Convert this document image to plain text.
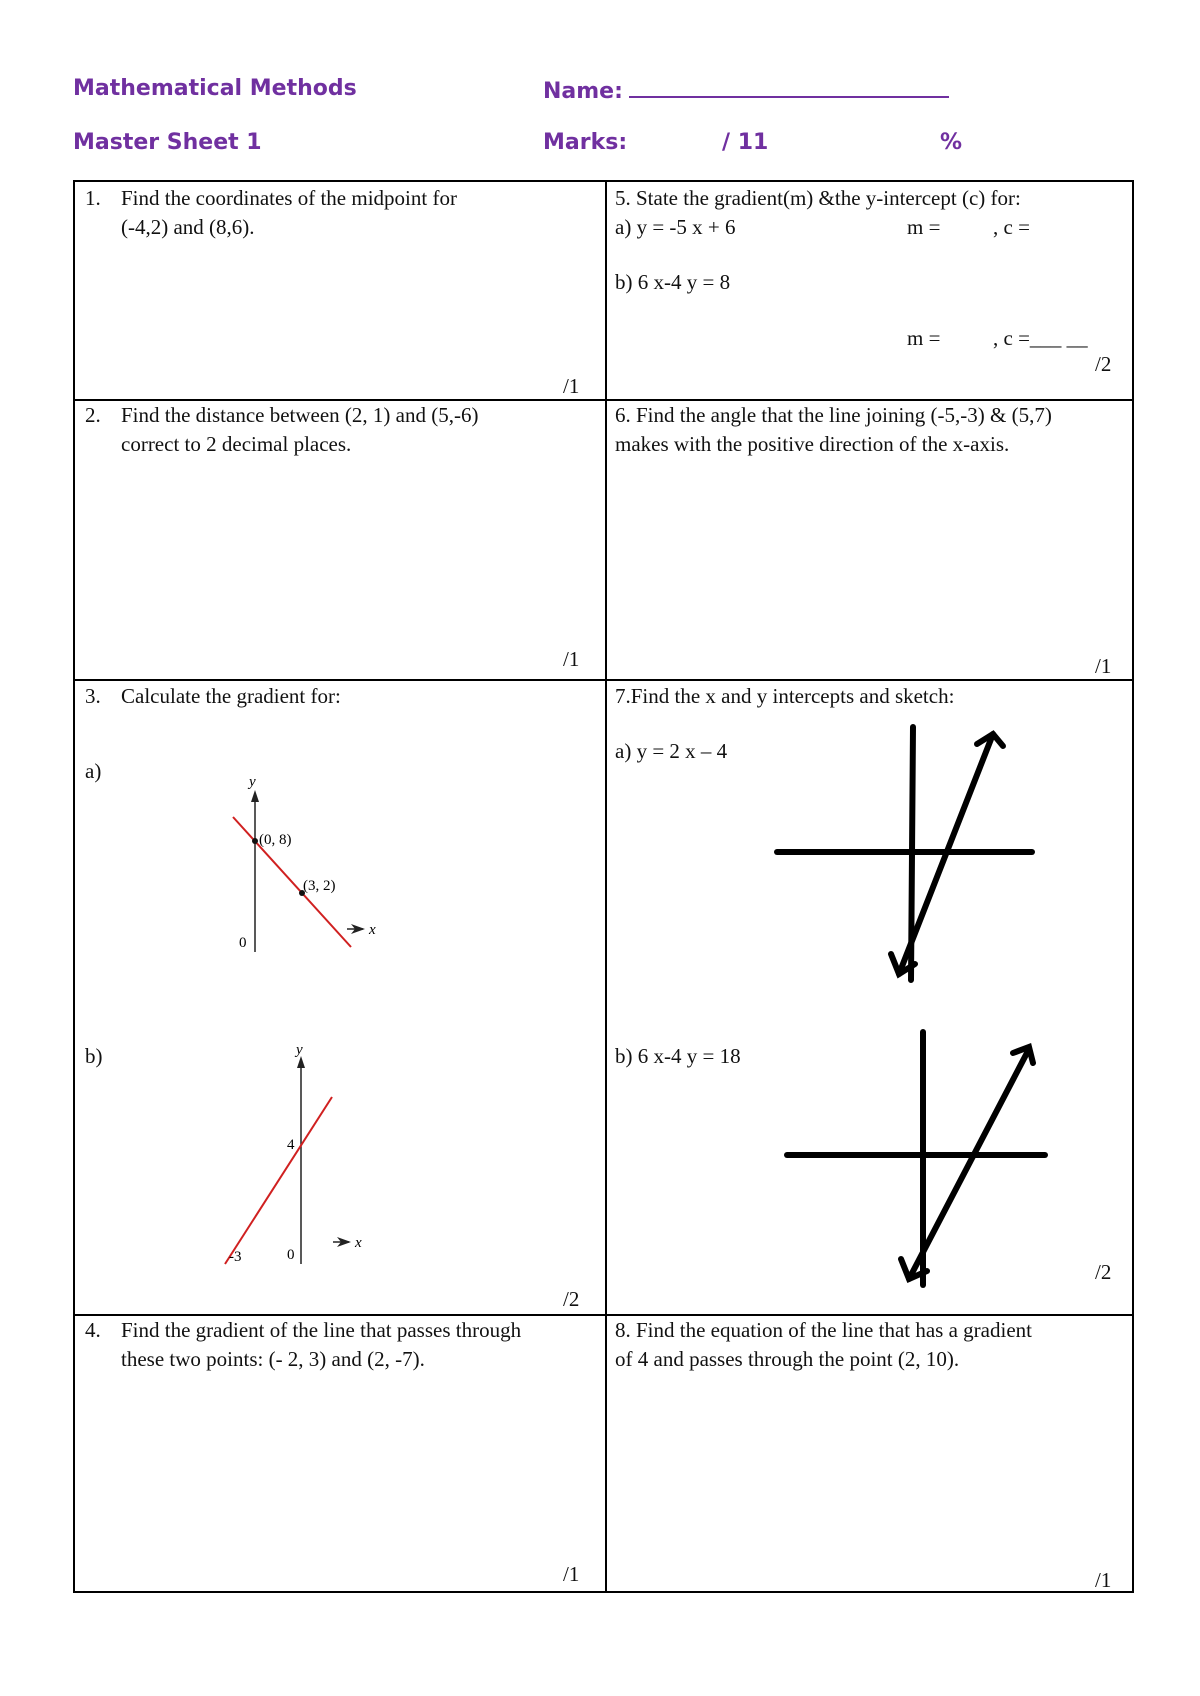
Mathematical Methods	Name:
Master Sheet 1	Marks:	/ 11	%
1. Find the coordinates of the midpoint for
(-4,2) and (8,6).
/1
5. State the gradient(m) &the y-intercept (c) for:
a) y = -5 x + 6	m =	, c =
b) 6 x-4 y = 8
m =	, c =___ __
/2
2. Find the distance between (2, 1) and (5,-6)
correct to 2 decimal places.
/1
6. Find the angle that the line joining (-5,-3) & (5,7)
makes with the positive direction of the x-axis.
/1
3. Calculate the gradient for:
a)
b)
/2
y
x
0
(0, 8)
(3, 2)
y
x
0
4
-3
7.Find the x and y intercepts and sketch:
a) y = 2 x – 4
b) 6 x-4 y = 18
/2
4. Find the gradient of the line that passes through
these two points: (- 2, 3) and (2, -7).
/1
8. Find the equation of the line that has a gradient
of 4 and passes through the point (2, 10).
/1
